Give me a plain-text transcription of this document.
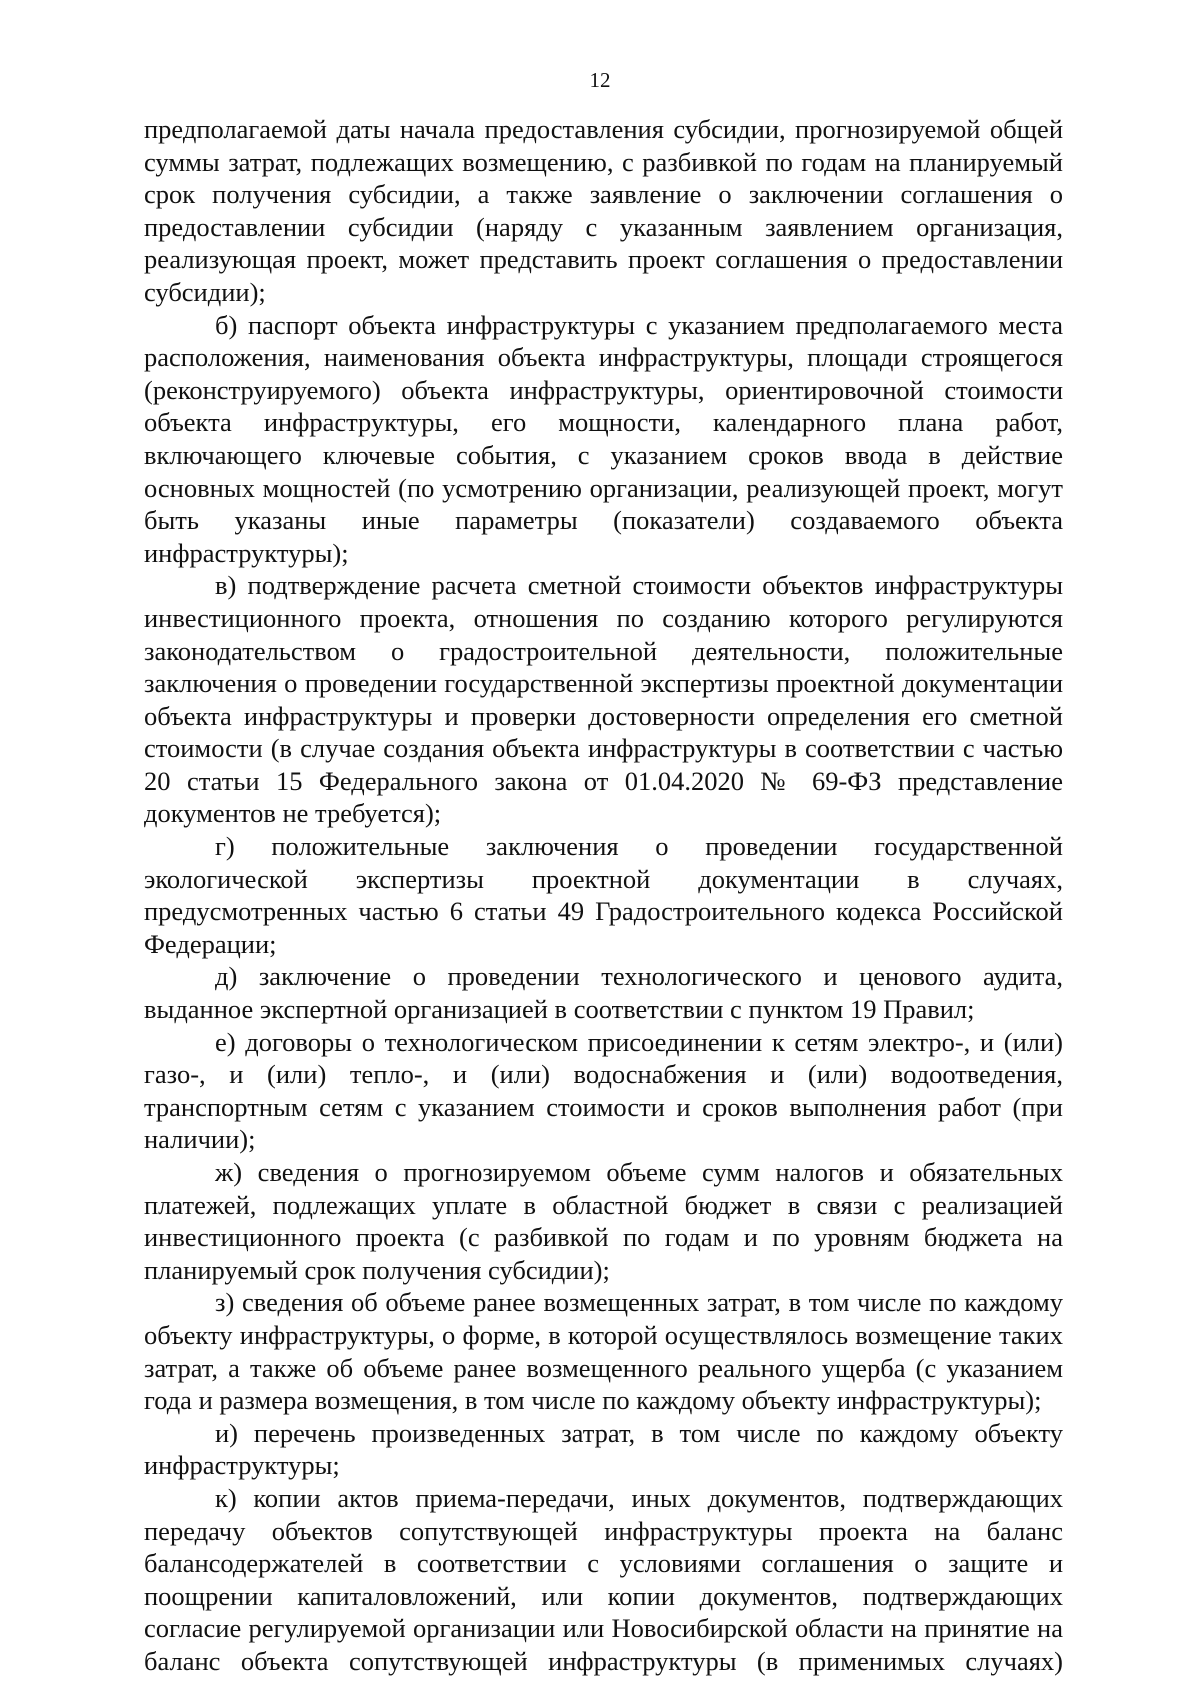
12

предполагаемой даты начала предоставления субсидии, прогнозируемой общей суммы затрат, подлежащих возмещению, с разбивкой по годам на планируемый срок получения субсидии, а также заявление о заключении соглашения о предоставлении субсидии (наряду с указанным заявлением организация, реализующая проект, может представить проект соглашения о предоставлении субсидии);

б) паспорт объекта инфраструктуры с указанием предполагаемого места расположения, наименования объекта инфраструктуры, площади строящегося (реконструируемого) объекта инфраструктуры, ориентировочной стоимости объекта инфраструктуры, его мощности, календарного плана работ, включающего ключевые события, с указанием сроков ввода в действие основных мощностей (по усмотрению организации, реализующей проект, могут быть указаны иные параметры (показатели) создаваемого объекта инфраструктуры);

в) подтверждение расчета сметной стоимости объектов инфраструктуры инвестиционного проекта, отношения по созданию которого регулируются законодательством о градостроительной деятельности, положительные заключения о проведении государственной экспертизы проектной документации объекта инфраструктуры и проверки достоверности определения его сметной стоимости (в случае создания объекта инфраструктуры в соответствии с частью 20 статьи 15 Федерального закона от 01.04.2020 № 69-ФЗ представление документов не требуется);

г) положительные заключения о проведении государственной экологической экспертизы проектной документации в случаях, предусмотренных частью 6 статьи 49 Градостроительного кодекса Российской Федерации;

д) заключение о проведении технологического и ценового аудита, выданное экспертной организацией в соответствии с пунктом 19 Правил;

е) договоры о технологическом присоединении к сетям электро-, и (или) газо-, и (или) тепло-, и (или) водоснабжения и (или) водоотведения, транспортным сетям с указанием стоимости и сроков выполнения работ (при наличии);

ж) сведения о прогнозируемом объеме сумм налогов и обязательных платежей, подлежащих уплате в областной бюджет в связи с реализацией инвестиционного проекта (с разбивкой по годам и по уровням бюджета на планируемый срок получения субсидии);

з) сведения об объеме ранее возмещенных затрат, в том числе по каждому объекту инфраструктуры, о форме, в которой осуществлялось возмещение таких затрат, а также об объеме ранее возмещенного реального ущерба (с указанием года и размера возмещения, в том числе по каждому объекту инфраструктуры);

и) перечень произведенных затрат, в том числе по каждому объекту инфраструктуры;

к) копии актов приема-передачи, иных документов, подтверждающих передачу объектов сопутствующей инфраструктуры проекта на баланс балансодержателей в соответствии с условиями соглашения о защите и поощрении капиталовложений, или копии документов, подтверждающих согласие регулируемой организации или Новосибирской области на принятие на баланс объекта сопутствующей инфраструктуры (в применимых случаях)
